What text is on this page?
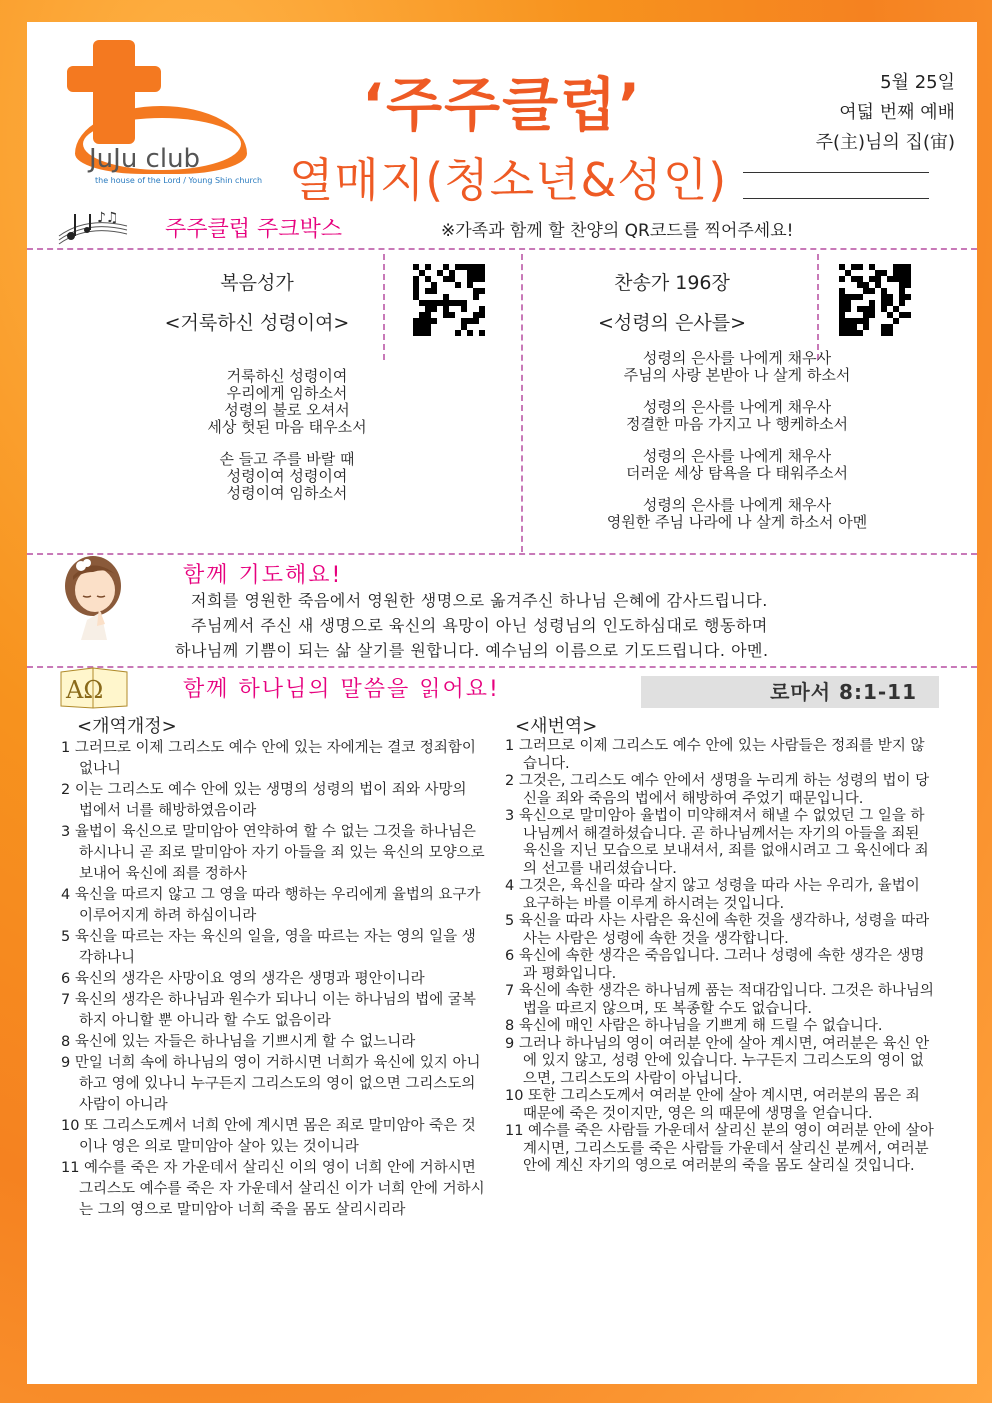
JuJu club
the house of the Lord / Young Shin church
‘주주클럽’
열매지(청소년&성인)
5월 25일
여덟 번째 예배
주(主)님의 집(宙)
♪♫ 주주클럽 주크박스	※가족과 함께 할 찬양의 QR코드를 찍어주세요!
복음성가
<거룩하신 성령이여>
찬송가 196장
<성령의 은사를>
거룩하신 성령이여
우리에게 임하소서
성령의 불로 오셔서
세상 헛된 마음 태우소서
손 들고 주를 바랄 때
성령이여 성령이여
성령이여 임하소서
성령의 은사를 나에게 채우사
주님의 사랑 본받아 나 살게 하소서
성령의 은사를 나에게 채우사
정결한 마음 가지고 나 행케하소서
성령의 은사를 나에게 채우사
더러운 세상 탐욕을 다 태워주소서
성령의 은사를 나에게 채우사
영원한 주님 나라에 나 살게 하소서 아멘
함께 기도해요!
저희를 영원한 죽음에서 영원한 생명으로 옮겨주신 하나님 은혜에 감사드립니다.
주님께서 주신 새 생명으로 육신의 욕망이 아닌 성령님의 인도하심대로 행동하며
하나님께 기쁨이 되는 삶 살기를 원합니다. 예수님의 이름으로 기도드립니다. 아멘.
ΑΩ	함께 하나님의 말씀을 읽어요!	로마서 8:1-11
<개역개정>	<새번역>

1 그러므로 이제 그리스도 예수 안에 있는 자에게는 결코 정죄함이 없나니

2 이는 그리스도 예수 안에 있는 생명의 성령의 법이 죄와 사망의 법에서 너를 해방하였음이라

3 율법이 육신으로 말미암아 연약하여 할 수 없는 그것을 하나님은 하시나니 곧 죄로 말미암아 자기 아들을 죄 있는 육신의 모양으로 보내어 육신에 죄를 정하사

4 육신을 따르지 않고 그 영을 따라 행하는 우리에게 율법의 요구가 이루어지게 하려 하심이니라

5 육신을 따르는 자는 육신의 일을, 영을 따르는 자는 영의 일을 생각하나니

6 육신의 생각은 사망이요 영의 생각은 생명과 평안이니라

7 육신의 생각은 하나님과 원수가 되나니 이는 하나님의 법에 굴복하지 아니할 뿐 아니라 할 수도 없음이라

8 육신에 있는 자들은 하나님을 기쁘시게 할 수 없느니라

9 만일 너희 속에 하나님의 영이 거하시면 너희가 육신에 있지 아니하고 영에 있나니 누구든지 그리스도의 영이 없으면 그리스도의 사람이 아니라

10 또 그리스도께서 너희 안에 계시면 몸은 죄로 말미암아 죽은 것이나 영은 의로 말미암아 살아 있는 것이니라

11 예수를 죽은 자 가운데서 살리신 이의 영이 너희 안에 거하시면 그리스도 예수를 죽은 자 가운데서 살리신 이가 너희 안에 거하시는 그의 영으로 말미암아 너희 죽을 몸도 살리시리라

1 그러므로 이제 그리스도 예수 안에 있는 사람들은 정죄를 받지 않습니다.

2 그것은, 그리스도 예수 안에서 생명을 누리게 하는 성령의 법이 당신을 죄와 죽음의 법에서 해방하여 주었기 때문입니다.

3 육신으로 말미암아 율법이 미약해져서 해낼 수 없었던 그 일을 하나님께서 해결하셨습니다. 곧 하나님께서는 자기의 아들을 죄된 육신을 지닌 모습으로 보내셔서, 죄를 없애시려고 그 육신에다 죄의 선고를 내리셨습니다.

4 그것은, 육신을 따라 살지 않고 성령을 따라 사는 우리가, 율법이 요구하는 바를 이루게 하시려는 것입니다.

5 육신을 따라 사는 사람은 육신에 속한 것을 생각하나, 성령을 따라 사는 사람은 성령에 속한 것을 생각합니다.

6 육신에 속한 생각은 죽음입니다. 그러나 성령에 속한 생각은 생명과 평화입니다.

7 육신에 속한 생각은 하나님께 품는 적대감입니다. 그것은 하나님의 법을 따르지 않으며, 또 복종할 수도 없습니다.

8 육신에 매인 사람은 하나님을 기쁘게 해 드릴 수 없습니다.

9 그러나 하나님의 영이 여러분 안에 살아 계시면, 여러분은 육신 안에 있지 않고, 성령 안에 있습니다. 누구든지 그리스도의 영이 없으면, 그리스도의 사람이 아닙니다.

10 또한 그리스도께서 여러분 안에 살아 계시면, 여러분의 몸은 죄 때문에 죽은 것이지만, 영은 의 때문에 생명을 얻습니다.

11 예수를 죽은 사람들 가운데서 살리신 분의 영이 여러분 안에 살아 계시면, 그리스도를 죽은 사람들 가운데서 살리신 분께서, 여러분 안에 계신 자기의 영으로 여러분의 죽을 몸도 살리실 것입니다.
